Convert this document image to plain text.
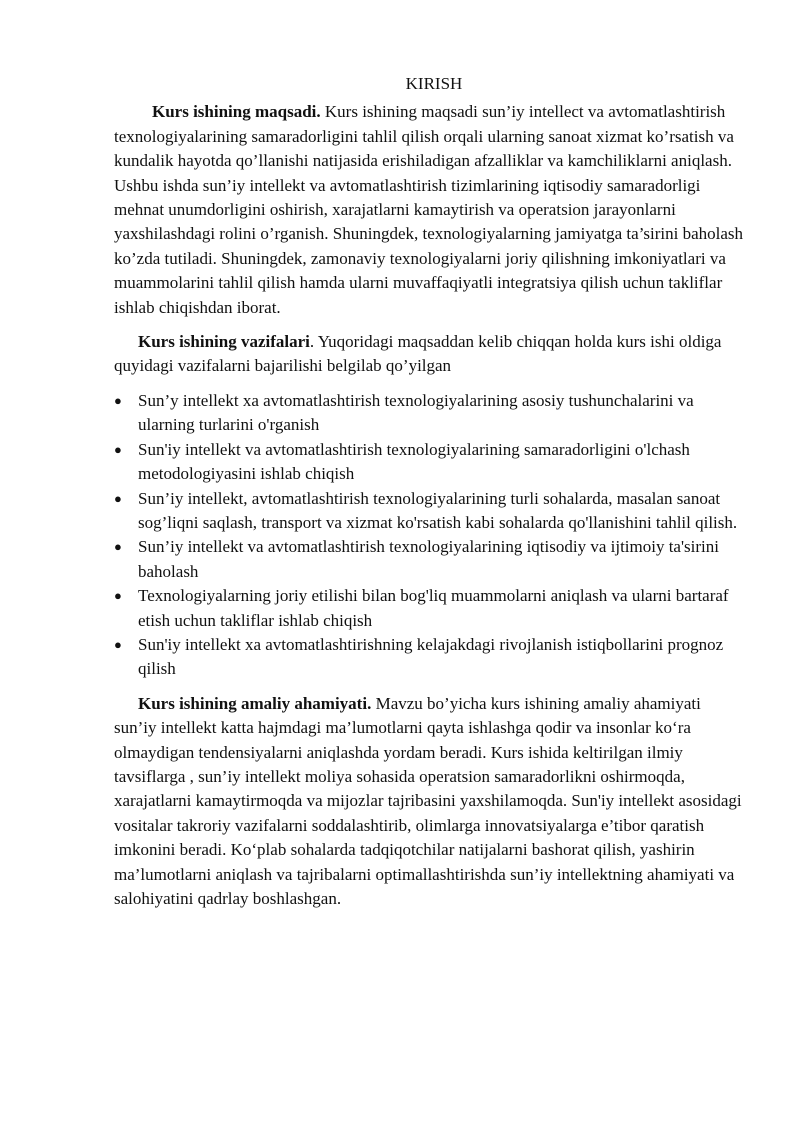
KIRISH

Kurs ishining maqsadi. Kurs ishining maqsadi sun’iy intellect va avtomatlashtirish texnologiyalarining samaradorligini tahlil qilish orqali ularning sanoat xizmat ko’rsatish va kundalik hayotda qo’llanishi natijasida erishiladigan afzalliklar va kamchiliklarni aniqlash. Ushbu ishda sun’iy intellekt va avtomatlashtirish tizimlarining iqtisodiy samaradorligi mehnat unumdorligini oshirish, xarajatlarni kamaytirish va operatsion jarayonlarni yaxshilashdagi rolini o’rganish. Shuningdek, texnologiyalarning jamiyatga ta’sirini baholash ko’zda tutiladi. Shuningdek, zamonaviy texnologiyalarni joriy qilishning imkoniyatlari va muammolarini tahlil qilish hamda ularni muvaffaqiyatli integratsiya qilish uchun takliflar ishlab chiqishdan iborat.

Kurs ishining vazifalari. Yuqoridagi maqsaddan kelib chiqqan holda kurs ishi oldiga quyidagi vazifalarni bajarilishi belgilab qo’yilgan

● Sun’y intellekt xa avtomatlashtirish texnologiyalarining asosiy tushunchalarini va ularning turlarini o'rganish
● Sun'iy intellekt va avtomatlashtirish texnologiyalarining samaradorligini o'lchash metodologiyasini ishlab chiqish
● Sun’iy intellekt, avtomatlashtirish texnologiyalarining turli sohalarda, masalan sanoat sog’liqni saqlash, transport va xizmat ko'rsatish kabi sohalarda qo'llanishini tahlil qilish.
● Sun’iy intellekt va avtomatlashtirish texnologiyalarining iqtisodiy va ijtimoiy ta'sirini baholash
● Texnologiyalarning joriy etilishi bilan bog'liq muammolarni aniqlash va ularni bartaraf etish uchun takliflar ishlab chiqish
● Sun'iy intellekt xa avtomatlashtirishning kelajakdagi rivojlanish istiqbollarini prognoz qilish

Kurs ishining amaliy ahamiyati. Mavzu bo’yicha kurs ishining amaliy ahamiyati sun’iy intellekt katta hajmdagi ma’lumotlarni qayta ishlashga qodir va insonlar ko‘ra olmaydigan tendensiyalarni aniqlashda yordam beradi. Kurs ishida keltirilgan ilmiy tavsiflarga , sun’iy intellekt moliya sohasida operatsion samaradorlikni oshirmoqda, xarajatlarni kamaytirmoqda va mijozlar tajribasini yaxshilamoqda. Sun'iy intellekt asosidagi vositalar takroriy vazifalarni soddalashtirib, olimlarga innovatsiyalarga e’tibor qaratish imkonini beradi. Ko‘plab sohalarda tadqiqotchilar natijalarni bashorat qilish, yashirin ma’lumotlarni aniqlash va tajribalarni optimallashtirishda sun’iy intellektning ahamiyati va salohiyatini qadrlay boshlashgan.
